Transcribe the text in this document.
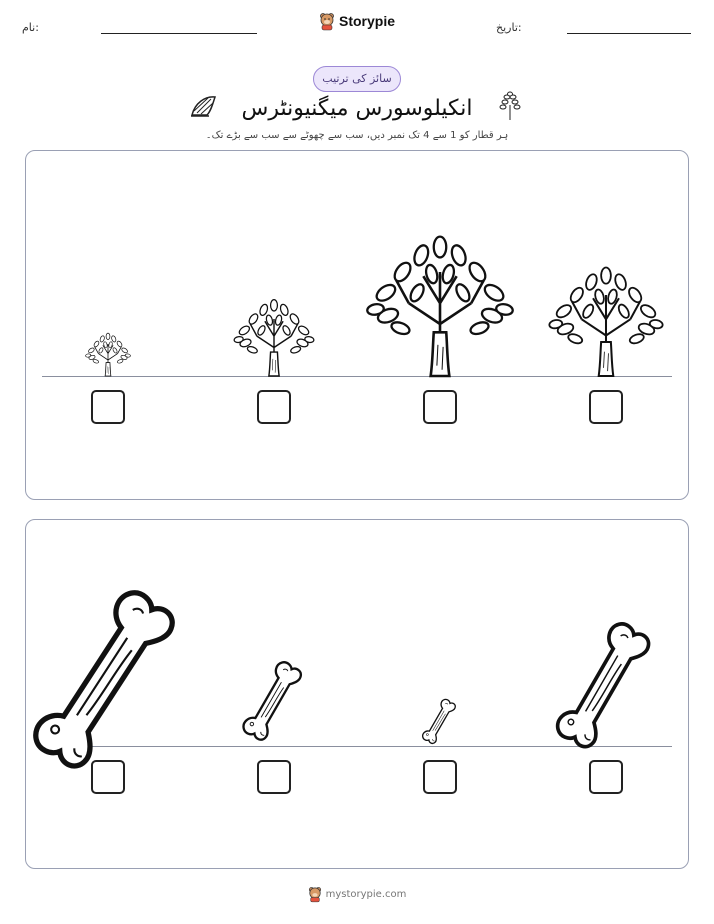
نام:	Storypie	تاریخ:
سائز کی ترتیب
انکیلوسورس میگنیونٹرس
ہر قطار کو 1 سے 4 تک نمبر دیں، سب سے چھوٹے سے سب سے بڑے تک۔
mystorypie.com
